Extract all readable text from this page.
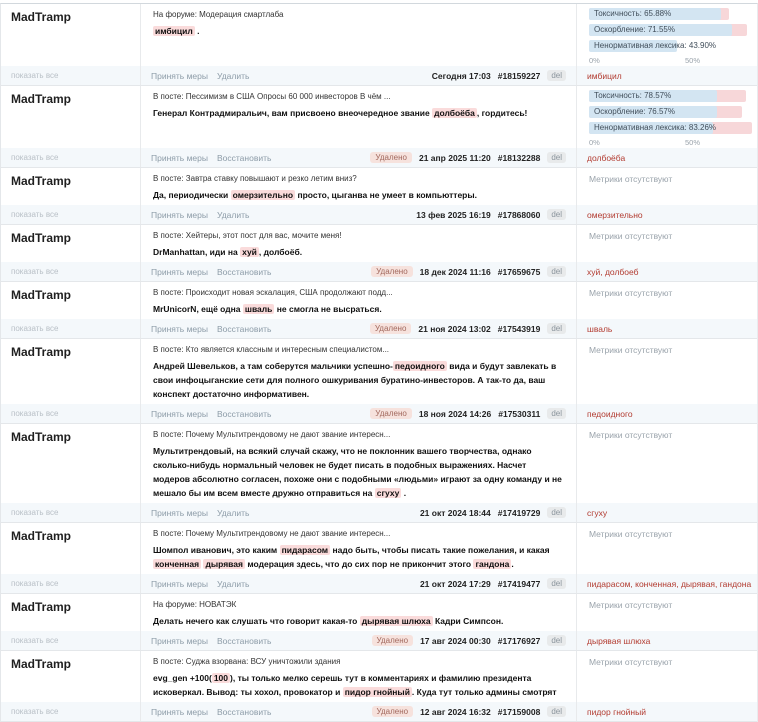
MadTramp
показать все
На форуме: Модерация смартлаба
имбицил .
Принять меры Удалить	Сегодня 17:03 #18159227	del
Токсичность: 65.88%
Оскорбление: 71.55%
Ненормативная лексика: 43.90%
0%	50%
имбицил
MadTramp
показать все
В посте: Пессимизм в США Опросы 60 000 инвесторов В чём ...
Генерал Контрадмиральич, вам присвоено внеочередное звание долбоёба , гордитесь!
Принять меры Восстановить	Удалено	21 апр 2025 11:20 #18132288	del
Токсичность: 78.57%
Оскорбление: 76.57%
Ненормативная лексика: 83.26%
0%	50%
долбоёба
MadTramp
показать все
В посте: Завтра ставку повышают и резко летим вниз?
Да, периодически омерзительно просто, цыганва не умеет в компьюттеры.
Принять меры Удалить	13 фев 2025 16:19 #17868060	del
Метрики отсутствуют
омерзительно
MadTramp
показать все
В посте: Хейтеры, этот пост для вас, мочите меня!
DrManhattan, иди на хуй , долбоёб.
Принять меры Восстановить	Удалено	18 дек 2024 11:16 #17659675	del
Метрики отсутствуют
хуй, долбоеб
MadTramp
показать все
В посте: Происходит новая эскалация, США продолжают подд...
MrUnicorN, ещё одна шваль не смогла не высраться.
Принять меры Восстановить	Удалено	21 ноя 2024 13:02 #17543919	del
Метрики отсутствуют
шваль
MadTramp
показать все
В посте: Кто является классным и интересным специалистом...
Андрей Шевельков, а там соберутся мальчики успешно- педоидного вида и будут завлекать в свои инфоцыганские сети для полного ошкуривания буратино-инвесторов. А так-то да, ваш конспект достаточно информативен.
Принять меры Восстановить	Удалено	18 ноя 2024 14:26 #17530311	del
Метрики отсутствуют
педоидного
MadTramp
показать все
В посте: Почему Мультитрендовому не дают звание интересн...
Мультитрендовый, на всякий случай скажу, что не поклонник вашего творчества, однако сколько-нибудь нормальный человек не будет писать в подобных выражениях. Насчет модеров абсолютно согласен, похоже они с подобными «людьми» играют за одну команду и не мешало бы им всем вместе дружно отправиться на сгуху .
Принять меры Удалить	21 окт 2024 18:44 #17419729	del
Метрики отсутствуют
сгуху
MadTramp
показать все
В посте: Почему Мультитрендовому не дают звание интересн...
Шомпол иванович, это каким пидарасом надо быть, чтобы писать такие пожелания, и какая конченная дырявая модерация здесь, что до сих пор не прикончит этого гандона .
Принять меры Удалить	21 окт 2024 17:29 #17419477	del
Метрики отсутствуют
пидарасом, конченная, дырявая, гандона
MadTramp
показать все
На форуме: НОВАТЭК
Делать нечего как слушать что говорит какая-то дырявая шлюха Кадри Симпсон.
Принять меры Восстановить	Удалено	17 авг 2024 00:30 #17176927	del
Метрики отсутствуют
дырявая шлюха
MadTramp
показать все
В посте: Суджа взорвана: ВСУ уничтожили здания
evg_gen +100( 100 ), ты только мелко серешь тут в комментариях и фамилию президента исковеркал. Вывод: ты хохол, провокатор и пидор гнойный . Куда тут только админы смотрят
Принять меры Восстановить	Удалено	12 авг 2024 16:32 #17159008	del
Метрики отсутствуют
пидор гнойный
